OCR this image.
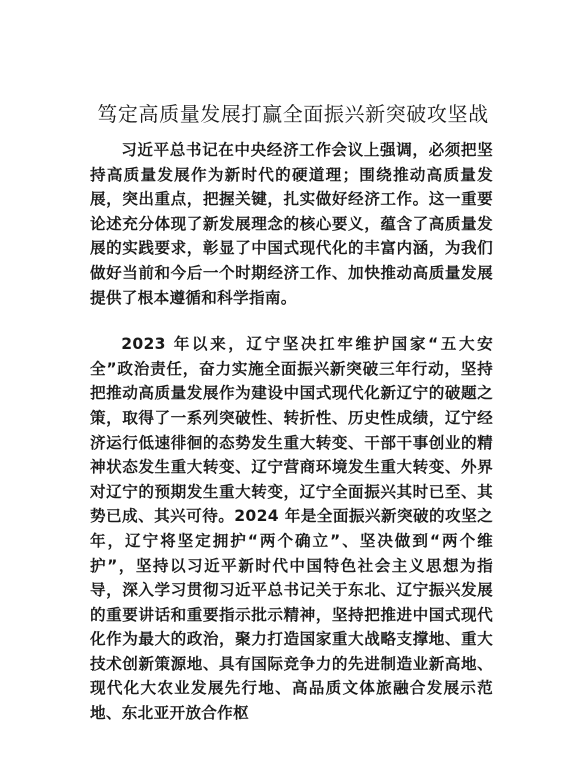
笃定高质量发展打赢全面振兴新突破攻坚战

习近平总书记在中央经济工作会议上强调，必须把坚持高质量发展作为新时代的硬道理；围绕推动高质量发展，突出重点，把握关键，扎实做好经济工作。这一重要论述充分体现了新发展理念的核心要义，蕴含了高质量发展的实践要求，彰显了中国式现代化的丰富内涵，为我们做好当前和今后一个时期经济工作、加快推动高质量发展提供了根本遵循和科学指南。

2023 年以来，辽宁坚决扛牢维护国家“五大安全”政治责任，奋力实施全面振兴新突破三年行动，坚持把推动高质量发展作为建设中国式现代化新辽宁的破题之策，取得了一系列突破性、转折性、历史性成绩，辽宁经济运行低速徘徊的态势发生重大转变、干部干事创业的精神状态发生重大转变、辽宁营商环境发生重大转变、外界对辽宁的预期发生重大转变，辽宁全面振兴其时已至、其势已成、其兴可待。2024 年是全面振兴新突破的攻坚之年，辽宁将坚定拥护“两个确立”、坚决做到“两个维护”，坚持以习近平新时代中国特色社会主义思想为指导，深入学习贯彻习近平总书记关于东北、辽宁振兴发展的重要讲话和重要指示批示精神，坚持把推进中国式现代化作为最大的政治，聚力打造国家重大战略支撑地、重大技术创新策源地、具有国际竞争力的先进制造业新高地、现代化大农业发展先行地、高品质文体旅融合发展示范地、东北亚开放合作枢
